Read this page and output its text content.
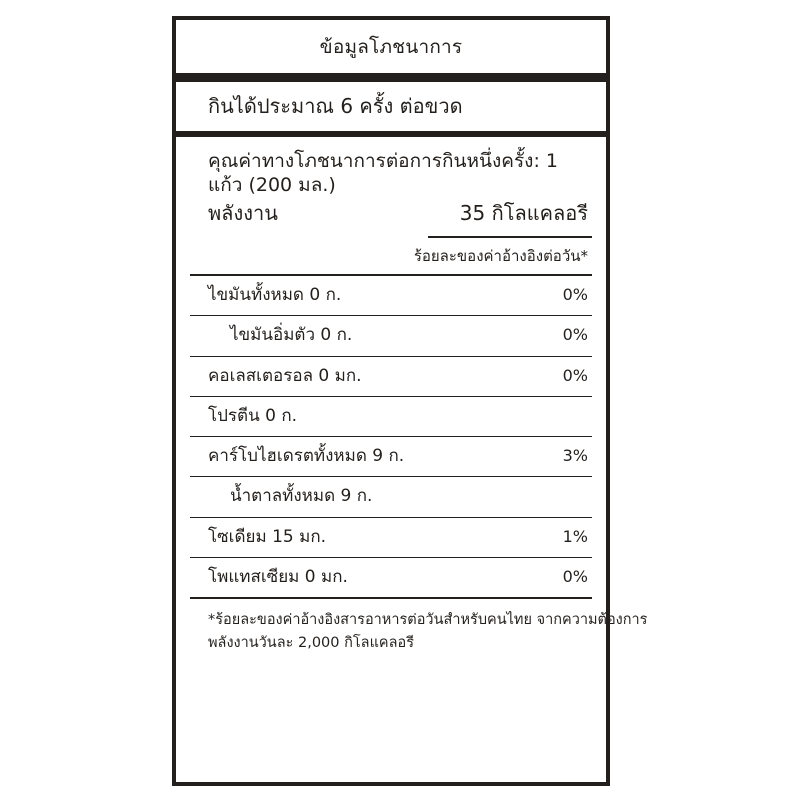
ข้อมูลโภชนาการ
กินได้ประมาณ 6 ครั้ง ต่อขวด
คุณค่าทางโภชนาการต่อการกินหนึ่งครั้ง: 1 แก้ว (200 มล.)
พลังงาน	35 กิโลแคลอรี
ร้อยละของค่าอ้างอิงต่อวัน*
ไขมันทั้งหมด 0 ก.	0%
ไขมันอิ่มตัว 0 ก.	0%
คอเลสเตอรอล 0 มก.	0%
โปรตีน 0 ก.
คาร์โบไฮเดรตทั้งหมด 9 ก.	3%
น้ำตาลทั้งหมด 9 ก.
โซเดียม 15 มก.	1%
โพแทสเซียม 0 มก.	0%
*ร้อยละของค่าอ้างอิงสารอาหารต่อวันสำหรับคนไทย จากความต้องการ
พลังงานวันละ 2,000 กิโลแคลอรี
